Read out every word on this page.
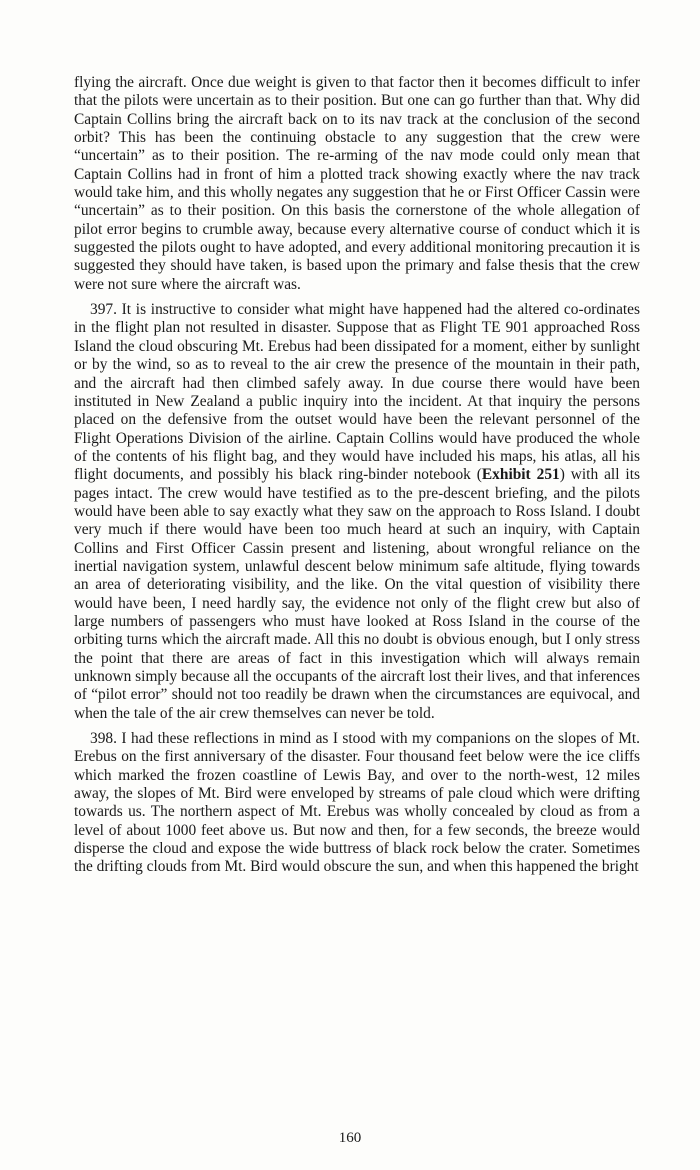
flying the aircraft. Once due weight is given to that factor then it becomes difficult to infer that the pilots were uncertain as to their position. But one can go further than that. Why did Captain Collins bring the aircraft back on to its nav track at the conclusion of the second orbit? This has been the continuing obstacle to any suggestion that the crew were “uncertain” as to their position. The re-arming of the nav mode could only mean that Captain Collins had in front of him a plotted track showing exactly where the nav track would take him, and this wholly negates any suggestion that he or First Officer Cassin were “uncertain” as to their position. On this basis the cornerstone of the whole allegation of pilot error begins to crumble away, because every alternative course of conduct which it is suggested the pilots ought to have adopted, and every additional monitoring precaution it is suggested they should have taken, is based upon the primary and false thesis that the crew were not sure where the aircraft was.

397. It is instructive to consider what might have happened had the altered co-ordinates in the flight plan not resulted in disaster. Suppose that as Flight TE 901 approached Ross Island the cloud obscuring Mt. Erebus had been dissipated for a moment, either by sunlight or by the wind, so as to reveal to the air crew the presence of the mountain in their path, and the aircraft had then climbed safely away. In due course there would have been instituted in New Zealand a public inquiry into the incident. At that inquiry the persons placed on the defensive from the outset would have been the relevant personnel of the Flight Operations Division of the airline. Captain Collins would have produced the whole of the contents of his flight bag, and they would have included his maps, his atlas, all his flight documents, and possibly his black ring-binder notebook (Exhibit 251) with all its pages intact. The crew would have testified as to the pre-descent briefing, and the pilots would have been able to say exactly what they saw on the approach to Ross Island. I doubt very much if there would have been too much heard at such an inquiry, with Captain Collins and First Officer Cassin present and listening, about wrongful reliance on the inertial navigation system, unlawful descent below minimum safe altitude, flying towards an area of deteriorating visibility, and the like. On the vital question of visibility there would have been, I need hardly say, the evidence not only of the flight crew but also of large numbers of passengers who must have looked at Ross Island in the course of the orbiting turns which the aircraft made. All this no doubt is obvious enough, but I only stress the point that there are areas of fact in this investigation which will always remain unknown simply because all the occupants of the aircraft lost their lives, and that inferences of “pilot error” should not too readily be drawn when the circumstances are equivocal, and when the tale of the air crew themselves can never be told.

398. I had these reflections in mind as I stood with my companions on the slopes of Mt. Erebus on the first anniversary of the disaster. Four thousand feet below were the ice cliffs which marked the frozen coastline of Lewis Bay, and over to the north-west, 12 miles away, the slopes of Mt. Bird were enveloped by streams of pale cloud which were drifting towards us. The northern aspect of Mt. Erebus was wholly concealed by cloud as from a level of about 1000 feet above us. But now and then, for a few seconds, the breeze would disperse the cloud and expose the wide buttress of black rock below the crater. Sometimes the drifting clouds from Mt. Bird would obscure the sun, and when this happened the bright

160
